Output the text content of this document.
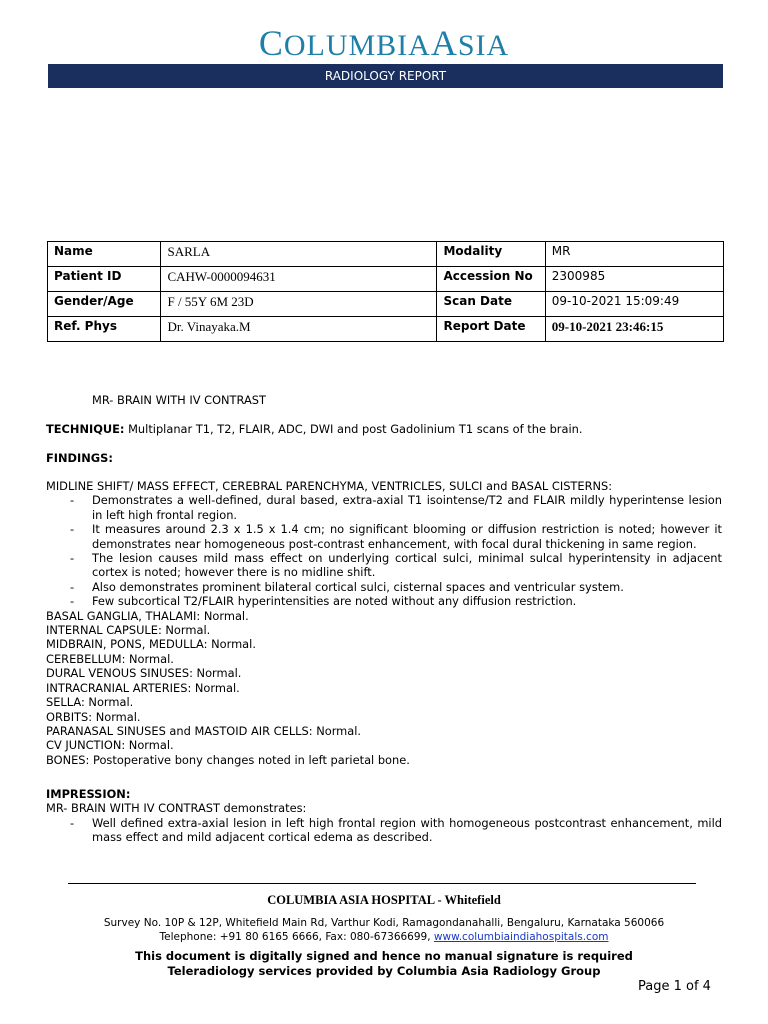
COLUMBIAASIA
RADIOLOGY REPORT
Name	SARLA	Modality	MR
Patient ID	CAHW-0000094631	Accession No	2300985
Gender/Age	F / 55Y 6M 23D	Scan Date	09-10-2021 15:09:49
Ref. Phys	Dr. Vinayaka.M	Report Date	09-10-2021 23:46:15
MR- BRAIN WITH IV CONTRAST
TECHNIQUE: Multiplanar T1, T2, FLAIR, ADC, DWI and post Gadolinium T1 scans of the brain.
FINDINGS:
MIDLINE SHIFT/ MASS EFFECT, CEREBRAL PARENCHYMA, VENTRICLES, SULCI and BASAL CISTERNS:
-	Demonstrates a well-defined, dural based, extra-axial T1 isointense/T2 and FLAIR mildly hyperintense lesion in left high frontal region.
-	It measures around 2.3 x 1.5 x 1.4 cm; no significant blooming or diffusion restriction is noted; however it demonstrates near homogeneous post-contrast enhancement, with focal dural thickening in same region.
-	The lesion causes mild mass effect on underlying cortical sulci, minimal sulcal hyperintensity in adjacent cortex is noted; however there is no midline shift.
-	Also demonstrates prominent bilateral cortical sulci, cisternal spaces and ventricular system.
-	Few subcortical T2/FLAIR hyperintensities are noted without any diffusion restriction.
BASAL GANGLIA, THALAMI: Normal.
INTERNAL CAPSULE: Normal.
MIDBRAIN, PONS, MEDULLA: Normal.
CEREBELLUM: Normal.
DURAL VENOUS SINUSES: Normal.
INTRACRANIAL ARTERIES: Normal.
SELLA: Normal.
ORBITS: Normal.
PARANASAL SINUSES and MASTOID AIR CELLS: Normal.
CV JUNCTION: Normal.
BONES: Postoperative bony changes noted in left parietal bone.
IMPRESSION:
MR- BRAIN WITH IV CONTRAST demonstrates:
-	Well defined extra-axial lesion in left high frontal region with homogeneous postcontrast enhancement, mild mass effect and mild adjacent cortical edema as described.
COLUMBIA ASIA HOSPITAL - Whitefield
Survey No. 10P & 12P, Whitefield Main Rd, Varthur Kodi, Ramagondanahalli, Bengaluru, Karnataka 560066
Telephone: +91 80 6165 6666, Fax: 080-67366699, www.columbiaindiahospitals.com
This document is digitally signed and hence no manual signature is required
Teleradiology services provided by Columbia Asia Radiology Group
Page 1 of 4
